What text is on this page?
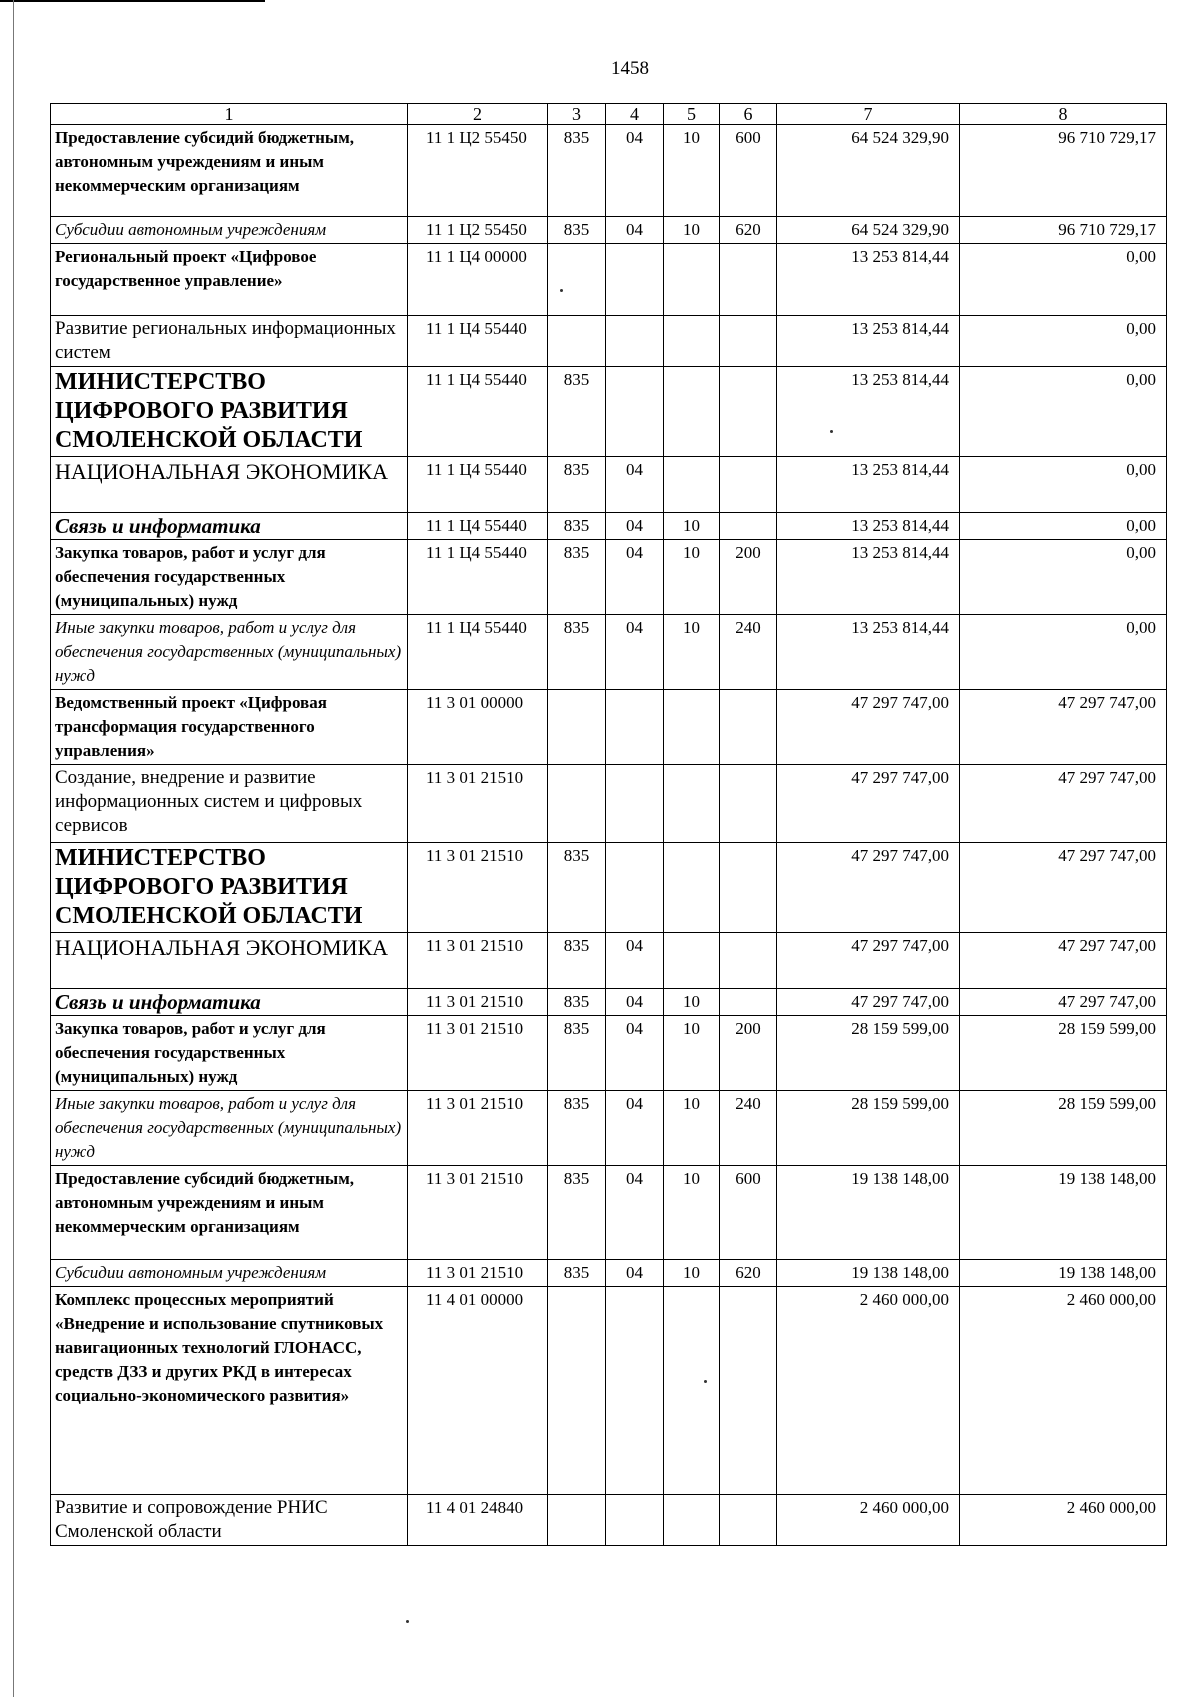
1458
1	2	3	4	5	6	7	8
Предоставление субсидий бюджетным, автономным учреждениям и иным некоммерческим организациям	11 1 Ц2 55450	835	04	10	600	64 524 329,90	96 710 729,17
Субсидии автономным учреждениям	11 1 Ц2 55450	835	04	10	620	64 524 329,90	96 710 729,17
Региональный проект «Цифровое государственное управление»	11 1 Ц4 00000					13 253 814,44	0,00
Развитие региональных информационных систем	11 1 Ц4 55440					13 253 814,44	0,00
МИНИСТЕРСТВО ЦИФРОВОГО РАЗВИТИЯ СМОЛЕНСКОЙ ОБЛАСТИ	11 1 Ц4 55440	835				13 253 814,44	0,00
НАЦИОНАЛЬНАЯ ЭКОНОМИКА	11 1 Ц4 55440	835	04			13 253 814,44	0,00
Связь и информатика	11 1 Ц4 55440	835	04	10		13 253 814,44	0,00
Закупка товаров, работ и услуг для обеспечения государственных (муниципальных) нужд	11 1 Ц4 55440	835	04	10	200	13 253 814,44	0,00
Иные закупки товаров, работ и услуг для обеспечения государственных (муниципальных) нужд	11 1 Ц4 55440	835	04	10	240	13 253 814,44	0,00
Ведомственный проект «Цифровая трансформация государственного управления»	11 3 01 00000					47 297 747,00	47 297 747,00
Создание, внедрение и развитие информационных систем и цифровых сервисов	11 3 01 21510					47 297 747,00	47 297 747,00
МИНИСТЕРСТВО ЦИФРОВОГО РАЗВИТИЯ СМОЛЕНСКОЙ ОБЛАСТИ	11 3 01 21510	835				47 297 747,00	47 297 747,00
НАЦИОНАЛЬНАЯ ЭКОНОМИКА	11 3 01 21510	835	04			47 297 747,00	47 297 747,00
Связь и информатика	11 3 01 21510	835	04	10		47 297 747,00	47 297 747,00
Закупка товаров, работ и услуг для обеспечения государственных (муниципальных) нужд	11 3 01 21510	835	04	10	200	28 159 599,00	28 159 599,00
Иные закупки товаров, работ и услуг для обеспечения государственных (муниципальных) нужд	11 3 01 21510	835	04	10	240	28 159 599,00	28 159 599,00
Предоставление субсидий бюджетным, автономным учреждениям и иным некоммерческим организациям	11 3 01 21510	835	04	10	600	19 138 148,00	19 138 148,00
Субсидии автономным учреждениям	11 3 01 21510	835	04	10	620	19 138 148,00	19 138 148,00
Комплекс процессных мероприятий «Внедрение и использование спутниковых навигационных технологий ГЛОНАСС, средств ДЗЗ и других РКД в интересах социально-экономического развития»	11 4 01 00000					2 460 000,00	2 460 000,00
Развитие и сопровождение РНИС Смоленской области	11 4 01 24840					2 460 000,00	2 460 000,00
